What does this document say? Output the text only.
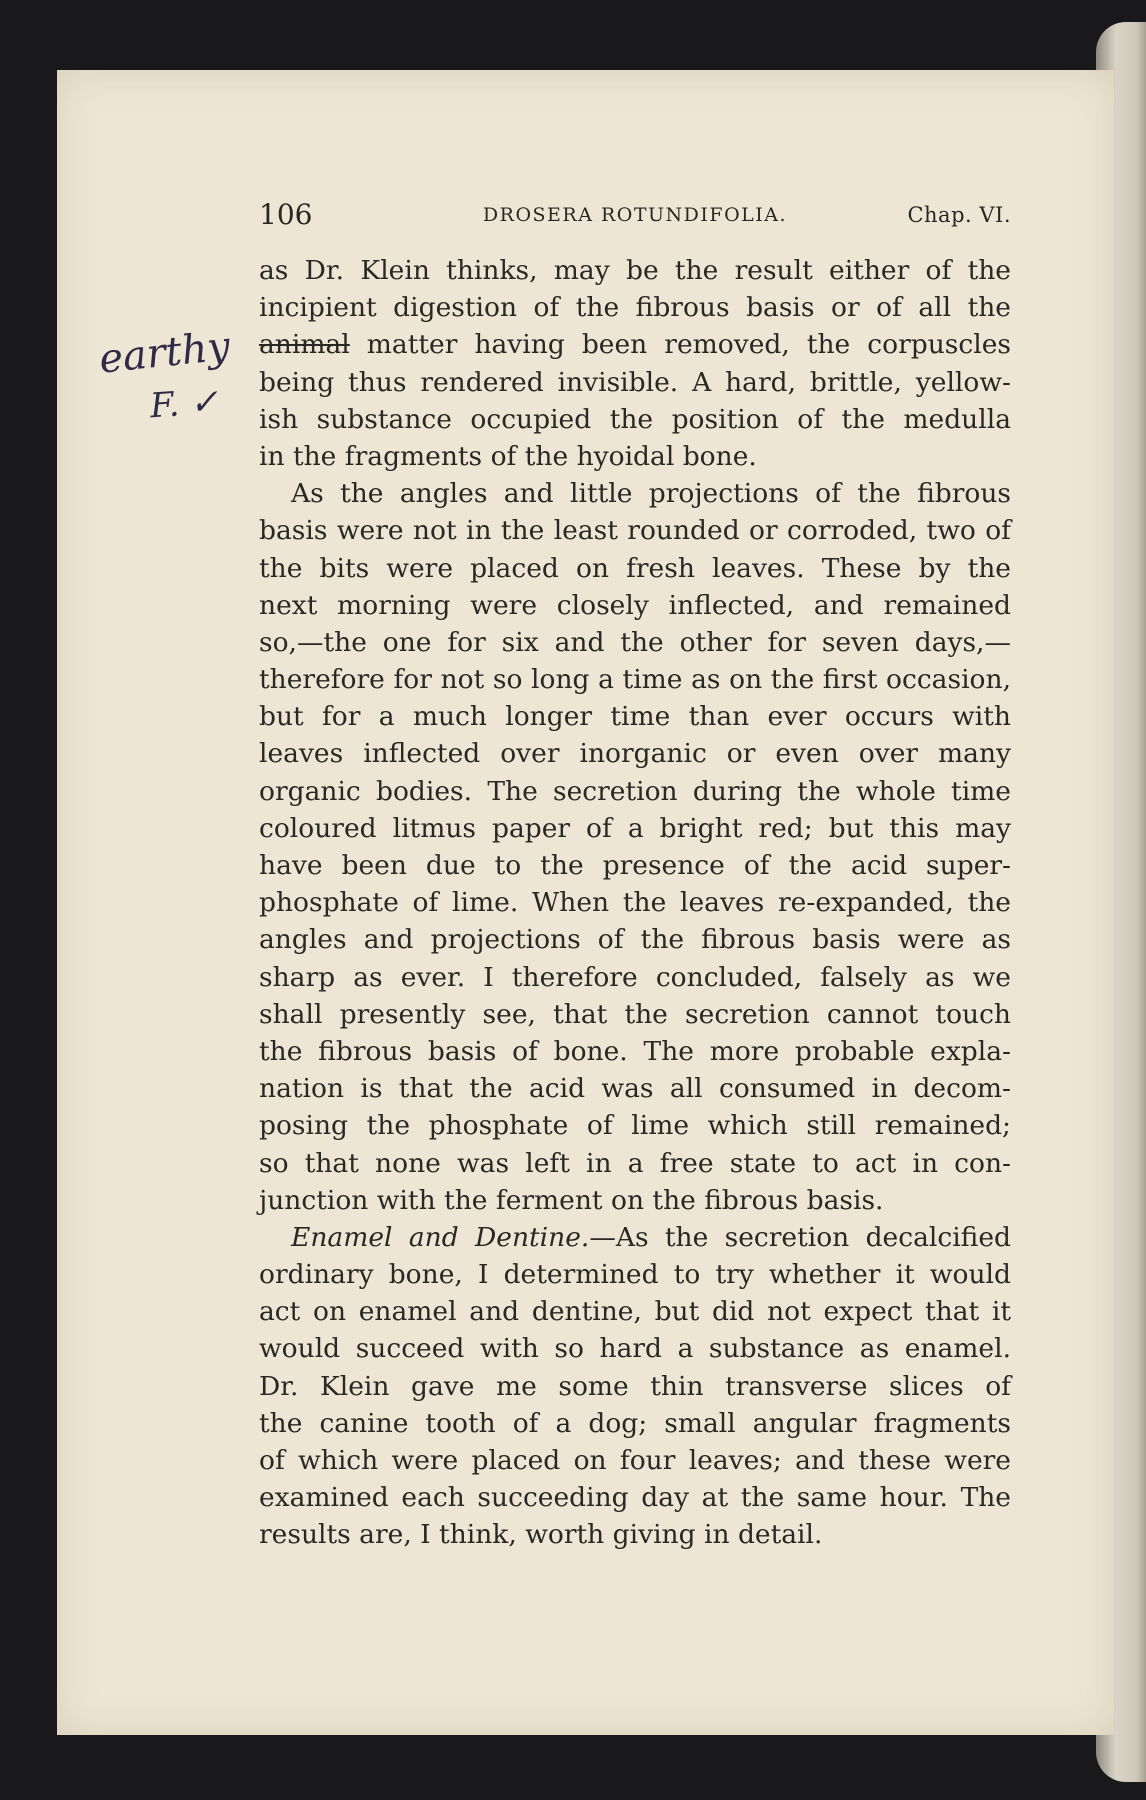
earthy
F. ✓
106	DROSERA ROTUNDIFOLIA.	Chap. VI.
as Dr. Klein thinks, may be the result either of the
incipient digestion of the fibrous basis or of all the
animal matter having been removed, the corpuscles
being thus rendered invisible. A hard, brittle, yellow-
ish substance occupied the position of the medulla
in the fragments of the hyoidal bone.
As the angles and little projections of the fibrous
basis were not in the least rounded or corroded, two of
the bits were placed on fresh leaves. These by the
next morning were closely inflected, and remained
so,—the one for six and the other for seven days,—
therefore for not so long a time as on the first occasion,
but for a much longer time than ever occurs with
leaves inflected over inorganic or even over many
organic bodies. The secretion during the whole time
coloured litmus paper of a bright red; but this may
have been due to the presence of the acid super-
phosphate of lime. When the leaves re-expanded, the
angles and projections of the fibrous basis were as
sharp as ever. I therefore concluded, falsely as we
shall presently see, that the secretion cannot touch
the fibrous basis of bone. The more probable expla-
nation is that the acid was all consumed in decom-
posing the phosphate of lime which still remained;
so that none was left in a free state to act in con-
junction with the ferment on the fibrous basis.
Enamel and Dentine.—As the secretion decalcified
ordinary bone, I determined to try whether it would
act on enamel and dentine, but did not expect that it
would succeed with so hard a substance as enamel.
Dr. Klein gave me some thin transverse slices of
the canine tooth of a dog; small angular fragments
of which were placed on four leaves; and these were
examined each succeeding day at the same hour. The
results are, I think, worth giving in detail.
